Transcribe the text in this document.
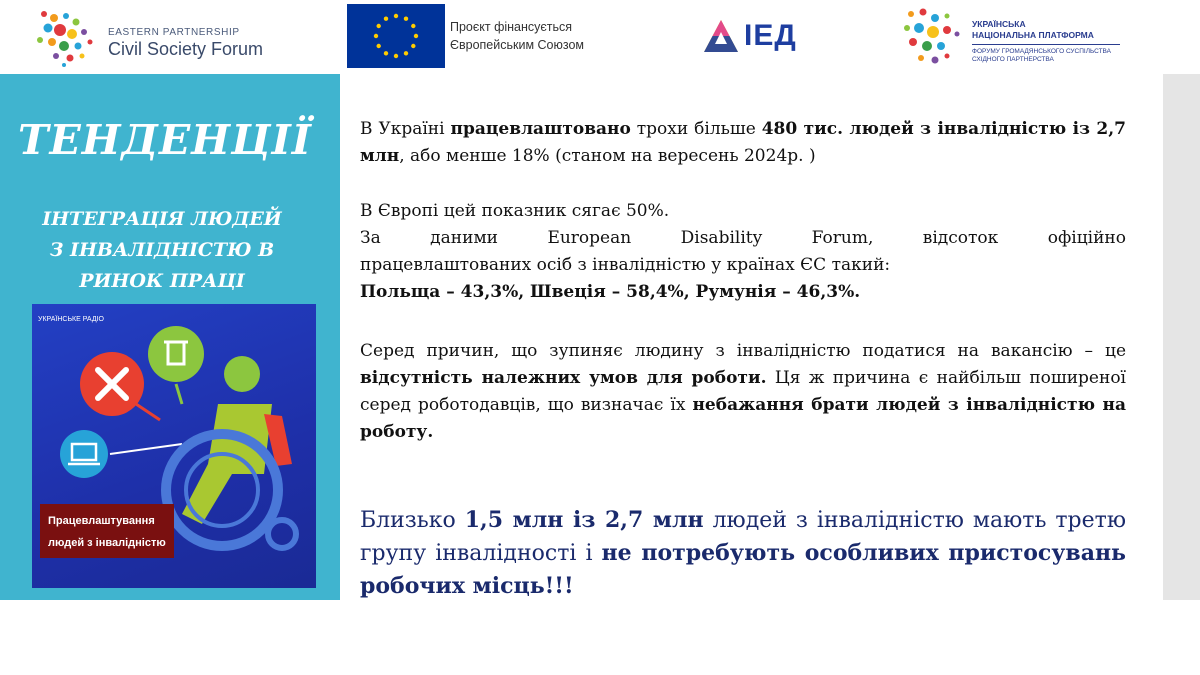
EASTERN PARTNERSHIP
Civil Society Forum
Проєкт фінансується
Європейським Союзом	ІЕД	УКРАЇНСЬКА
НАЦІОНАЛЬНА ПЛАТФОРМА
ФОРУМУ ГРОМАДЯНСЬКОГО СУСПІЛЬСТВА
СХІДНОГО ПАРТНЕРСТВА
ТЕНДЕНЦІЇ
ІНТЕГРАЦІЯ ЛЮДЕЙ
З ІНВАЛІДНІСТЮ В
РИНОК ПРАЦІ
УКРАЇНСЬКЕ РАДІО
Працевлаштування
людей з інвалідністю

В Україні працевлаштовано трохи більше 480 тис. людей з інвалідністю із 2,7 млн, або менше 18% (станом на вересень 2024р. )

В Європі цей показник сягає 50%.
За даними European Disability Forum, відсоток офіційно
працевлаштованих осіб з інвалідністю у країнах ЄС такий:
Польща – 43,3%, Швеція – 58,4%, Румунія – 46,3%.

Серед причин, що зупиняє людину з інвалідністю податися на вакансію – це відсутність належних умов для роботи. Ця ж причина є найбільш поширеної серед роботодавців, що визначає їх небажання брати людей з інвалідністю на роботу.

Близько 1,5 млн із 2,7 млн людей з інвалідністю мають третю групу інвалідності і не потребують особливих пристосувань робочих місць!!!
